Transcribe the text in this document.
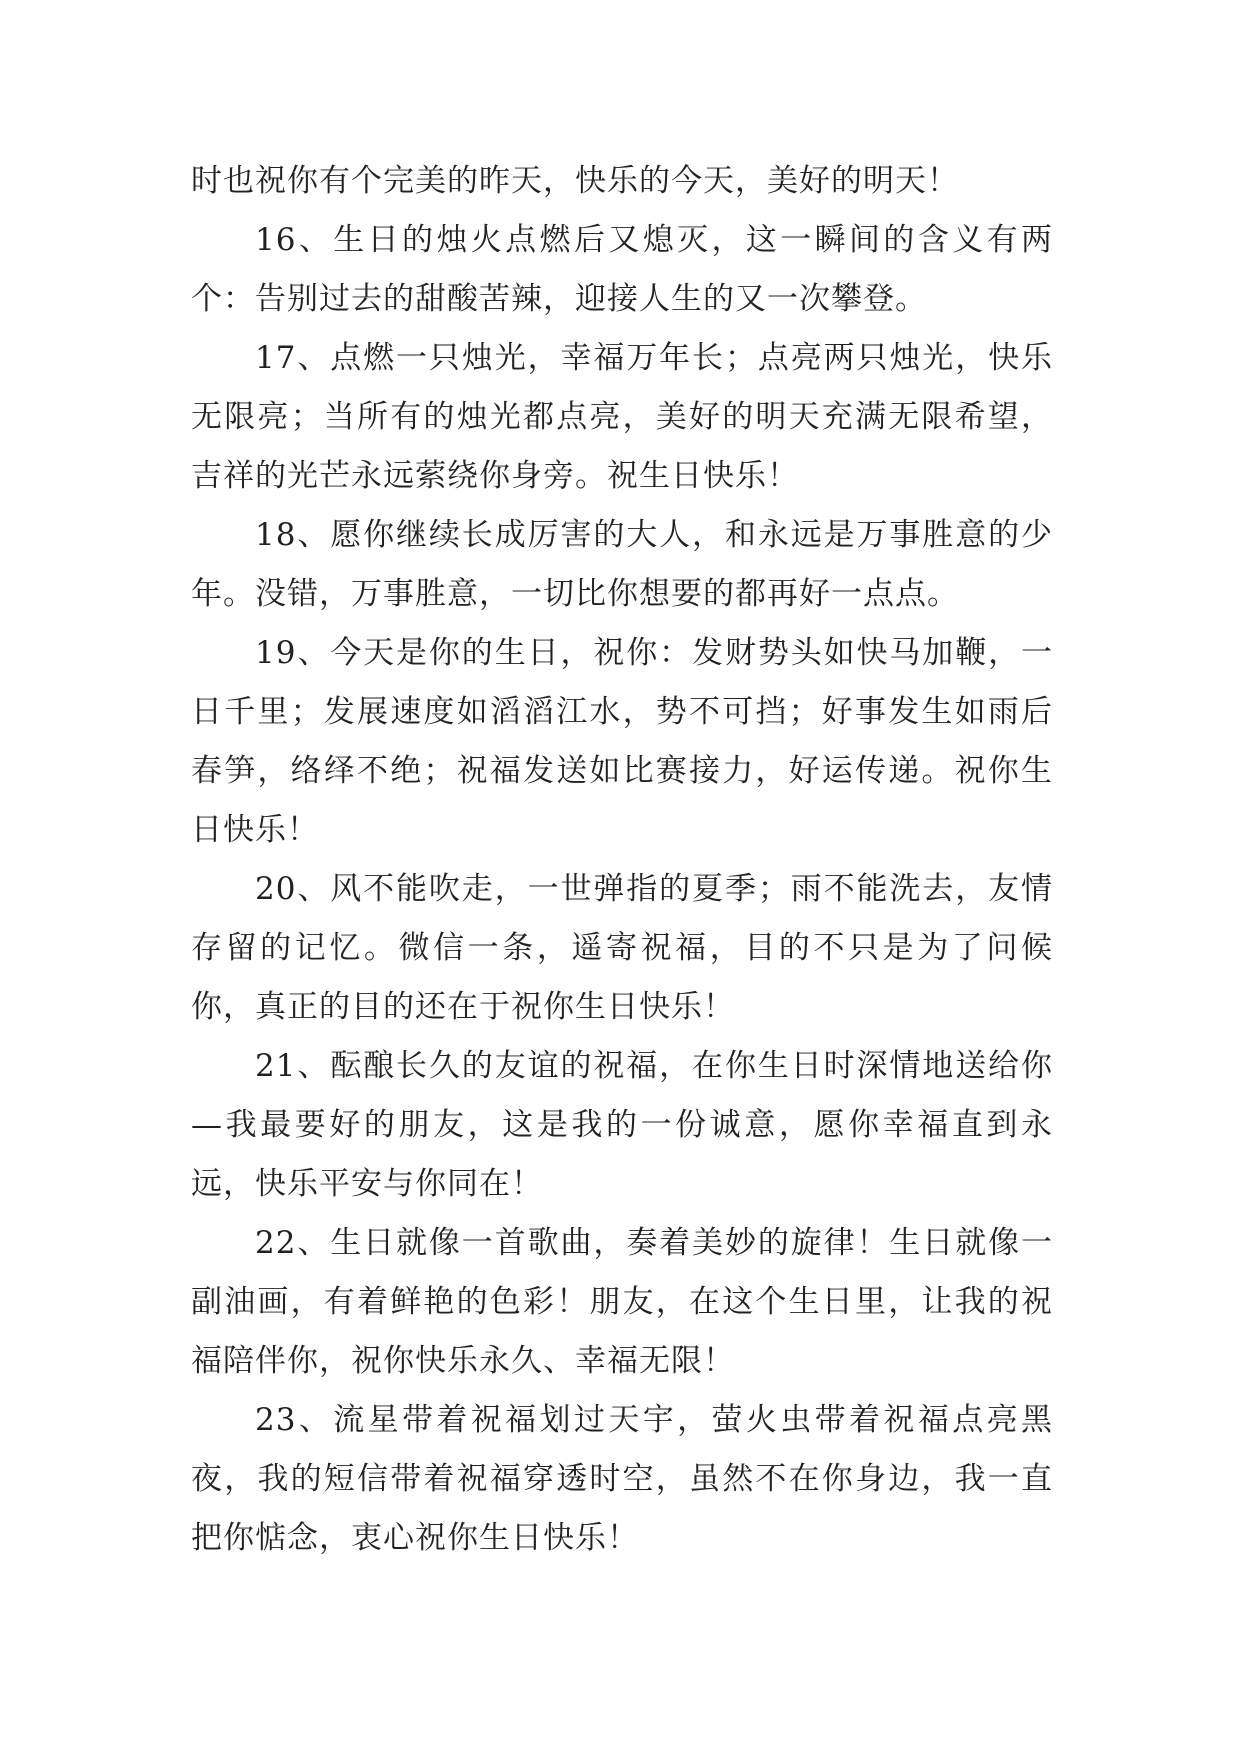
时也祝你有个完美的昨天，快乐的今天，美好的明天！

16、生日的烛火点燃后又熄灭，这一瞬间的含义有两个：告别过去的甜酸苦辣，迎接人生的又一次攀登。

17、点燃一只烛光，幸福万年长；点亮两只烛光，快乐无限亮；当所有的烛光都点亮，美好的明天充满无限希望，吉祥的光芒永远萦绕你身旁。祝生日快乐！

18、愿你继续长成厉害的大人，和永远是万事胜意的少年。没错，万事胜意，一切比你想要的都再好一点点。

19、今天是你的生日，祝你：发财势头如快马加鞭，一日千里；发展速度如滔滔江水，势不可挡；好事发生如雨后春笋，络绎不绝；祝福发送如比赛接力，好运传递。祝你生日快乐！

20、风不能吹走，一世弹指的夏季；雨不能洗去，友情存留的记忆。微信一条，遥寄祝福，目的不只是为了问候你，真正的目的还在于祝你生日快乐！

21、酝酿长久的友谊的祝福，在你生日时深情地送给你—我最要好的朋友，这是我的一份诚意，愿你幸福直到永远，快乐平安与你同在！

22、生日就像一首歌曲，奏着美妙的旋律！生日就像一副油画，有着鲜艳的色彩！朋友，在这个生日里，让我的祝福陪伴你，祝你快乐永久、幸福无限！

23、流星带着祝福划过天宇，萤火虫带着祝福点亮黑夜，我的短信带着祝福穿透时空，虽然不在你身边，我一直把你惦念，衷心祝你生日快乐！
